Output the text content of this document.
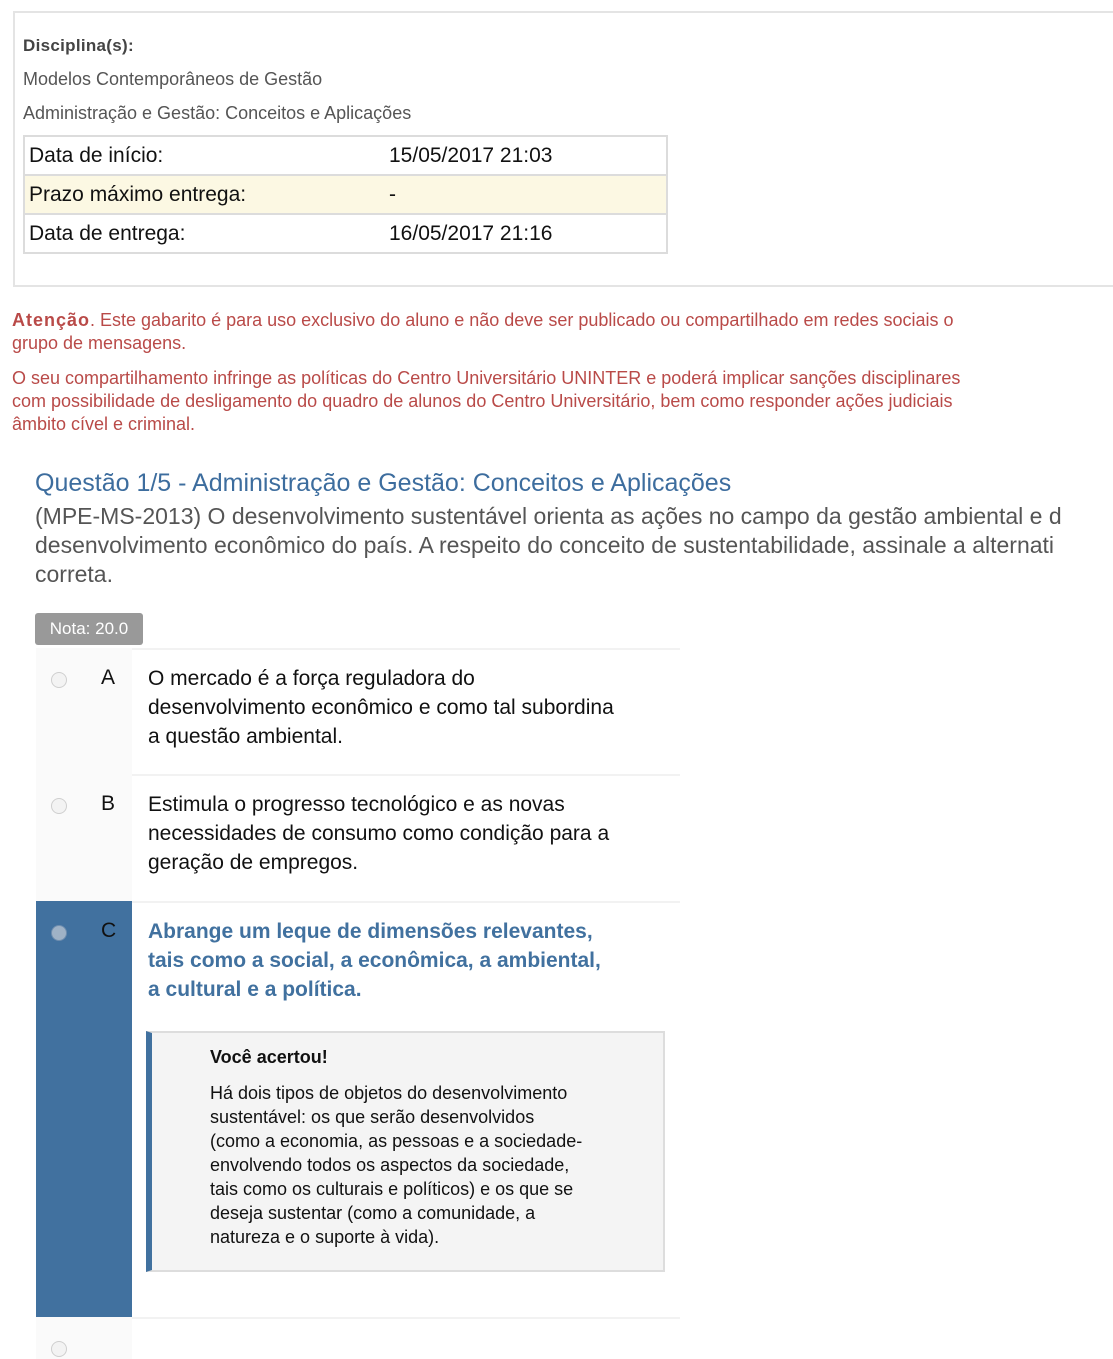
Disciplina(s):
Modelos Contemporâneos de Gestão
Administração e Gestão: Conceitos e Aplicações
Data de início:	15/05/2017 21:03
Prazo máximo entrega:	-
Data de entrega:	16/05/2017 21:16
Atenção. Este gabarito é para uso exclusivo do aluno e não deve ser publicado ou compartilhado em redes sociais o
grupo de mensagens.
O seu compartilhamento infringe as políticas do Centro Universitário UNINTER e poderá implicar sanções disciplinares
com possibilidade de desligamento do quadro de alunos do Centro Universitário, bem como responder ações judiciais
âmbito cível e criminal.
Questão 1/5 - Administração e Gestão: Conceitos e Aplicações
(MPE-MS-2013) O desenvolvimento sustentável orienta as ações no campo da gestão ambiental e d
desenvolvimento econômico do país. A respeito do conceito de sustentabilidade, assinale a alternati
correta.
Nota: 20.0
A O mercado é a força reguladora do
desenvolvimento econômico e como tal subordina
a questão ambiental.
B Estimula o progresso tecnológico e as novas
necessidades de consumo como condição para a
geração de empregos.
C Abrange um leque de dimensões relevantes,
tais como a social, a econômica, a ambiental,
a cultural e a política.
Você acertou!
Há dois tipos de objetos do desenvolvimento
sustentável: os que serão desenvolvidos
(como a economia, as pessoas e a sociedade-
envolvendo todos os aspectos da sociedade,
tais como os culturais e políticos) e os que se
deseja sustentar (como a comunidade, a
natureza e o suporte à vida).
